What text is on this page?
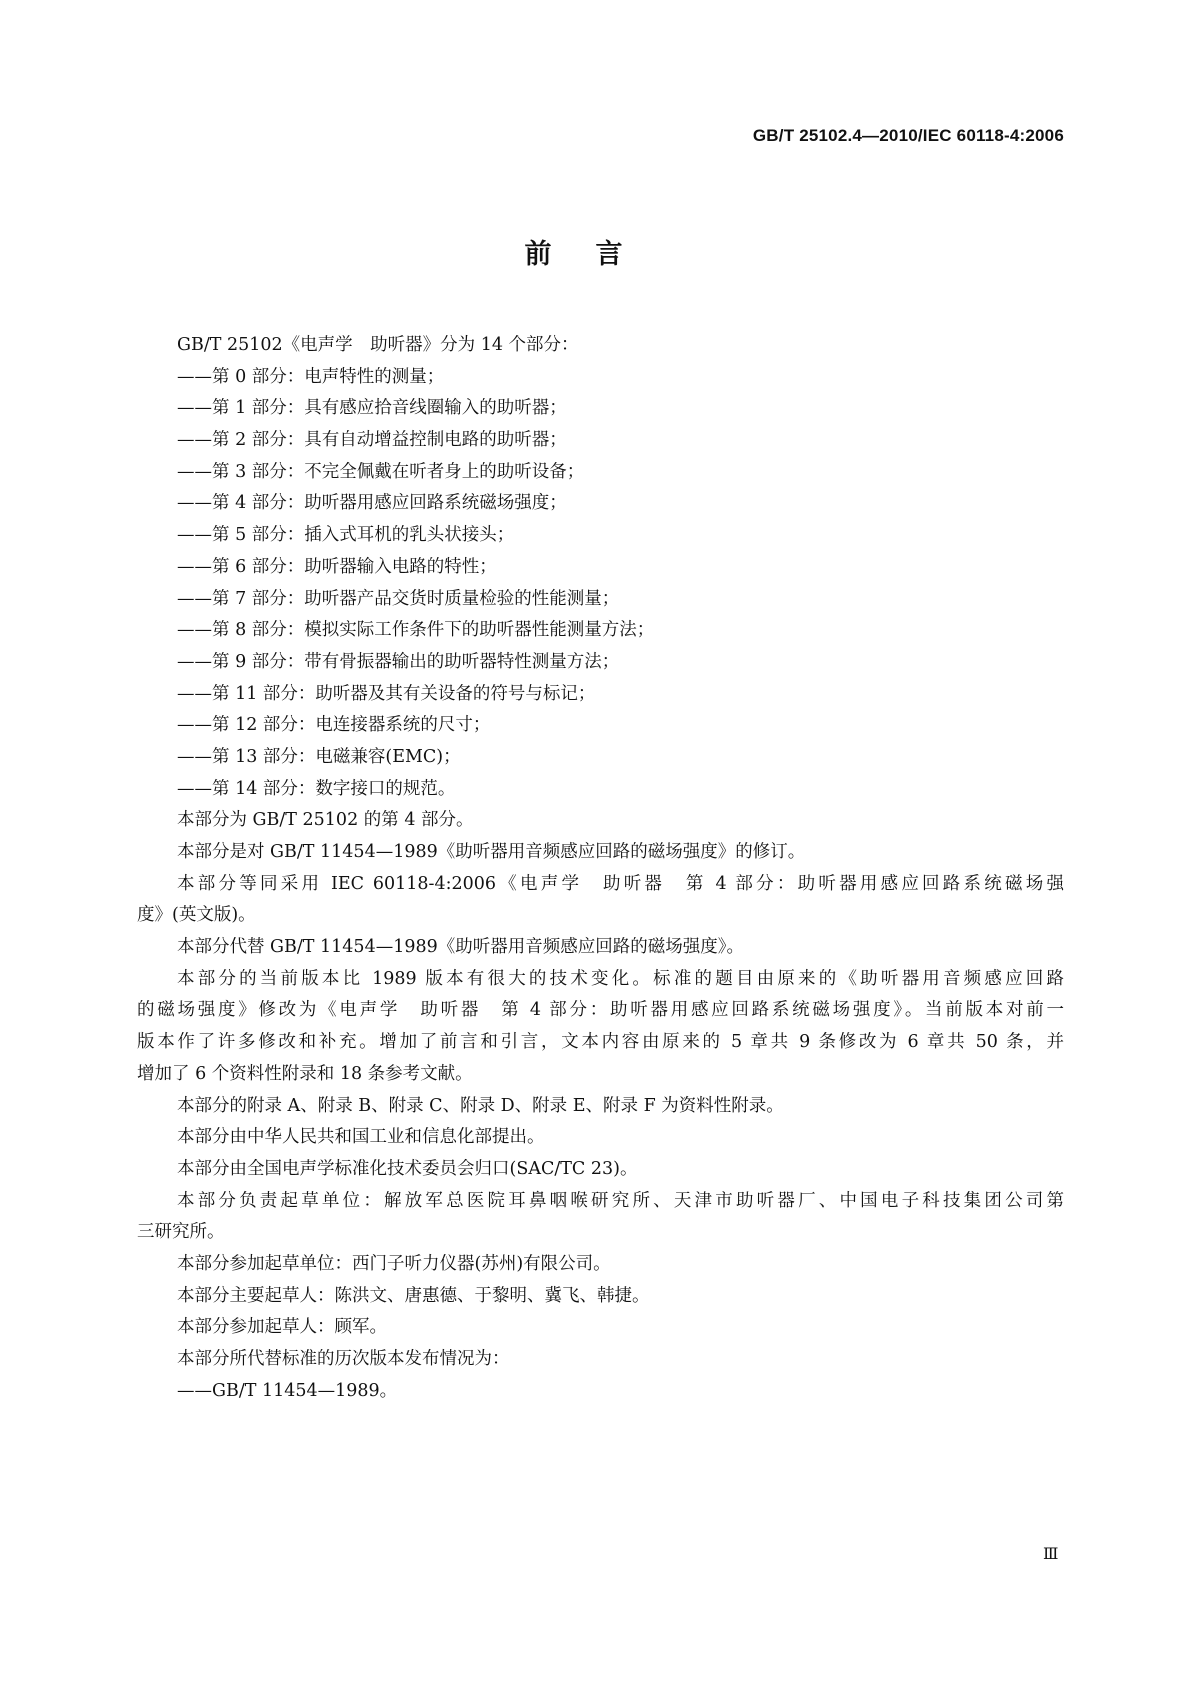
GB/T 25102.4—2010/IEC 60118-4:2006
前言
GB/T 25102《电声学　助听器》分为 14 个部分：
——第 0 部分：电声特性的测量；
——第 1 部分：具有感应拾音线圈输入的助听器；
——第 2 部分：具有自动增益控制电路的助听器；
——第 3 部分：不完全佩戴在听者身上的助听设备；
——第 4 部分：助听器用感应回路系统磁场强度；
——第 5 部分：插入式耳机的乳头状接头；
——第 6 部分：助听器输入电路的特性；
——第 7 部分：助听器产品交货时质量检验的性能测量；
——第 8 部分：模拟实际工作条件下的助听器性能测量方法；
——第 9 部分：带有骨振器输出的助听器特性测量方法；
——第 11 部分：助听器及其有关设备的符号与标记；
——第 12 部分：电连接器系统的尺寸；
——第 13 部分：电磁兼容(EMC)；
——第 14 部分：数字接口的规范。
本部分为 GB/T 25102 的第 4 部分。
本部分是对 GB/T 11454—1989《助听器用音频感应回路的磁场强度》的修订。
本部分等同采用 IEC 60118-4:2006《电声学　助听器　第 4 部分：助听器用感应回路系统磁场强
度》(英文版)。
本部分代替 GB/T 11454—1989《助听器用音频感应回路的磁场强度》。
本部分的当前版本比 1989 版本有很大的技术变化。标准的题目由原来的《助听器用音频感应回路
的磁场强度》修改为《电声学　助听器　第 4 部分：助听器用感应回路系统磁场强度》。当前版本对前一
版本作了许多修改和补充。增加了前言和引言，文本内容由原来的 5 章共 9 条修改为 6 章共 50 条，并
增加了 6 个资料性附录和 18 条参考文献。
本部分的附录 A、附录 B、附录 C、附录 D、附录 E、附录 F 为资料性附录。
本部分由中华人民共和国工业和信息化部提出。
本部分由全国电声学标准化技术委员会归口(SAC/TC 23)。
本部分负责起草单位：解放军总医院耳鼻咽喉研究所、天津市助听器厂、中国电子科技集团公司第
三研究所。
本部分参加起草单位：西门子听力仪器(苏州)有限公司。
本部分主要起草人：陈洪文、唐惠德、于黎明、冀飞、韩捷。
本部分参加起草人：顾军。
本部分所代替标准的历次版本发布情况为：
——GB/T 11454—1989。
Ⅲ
